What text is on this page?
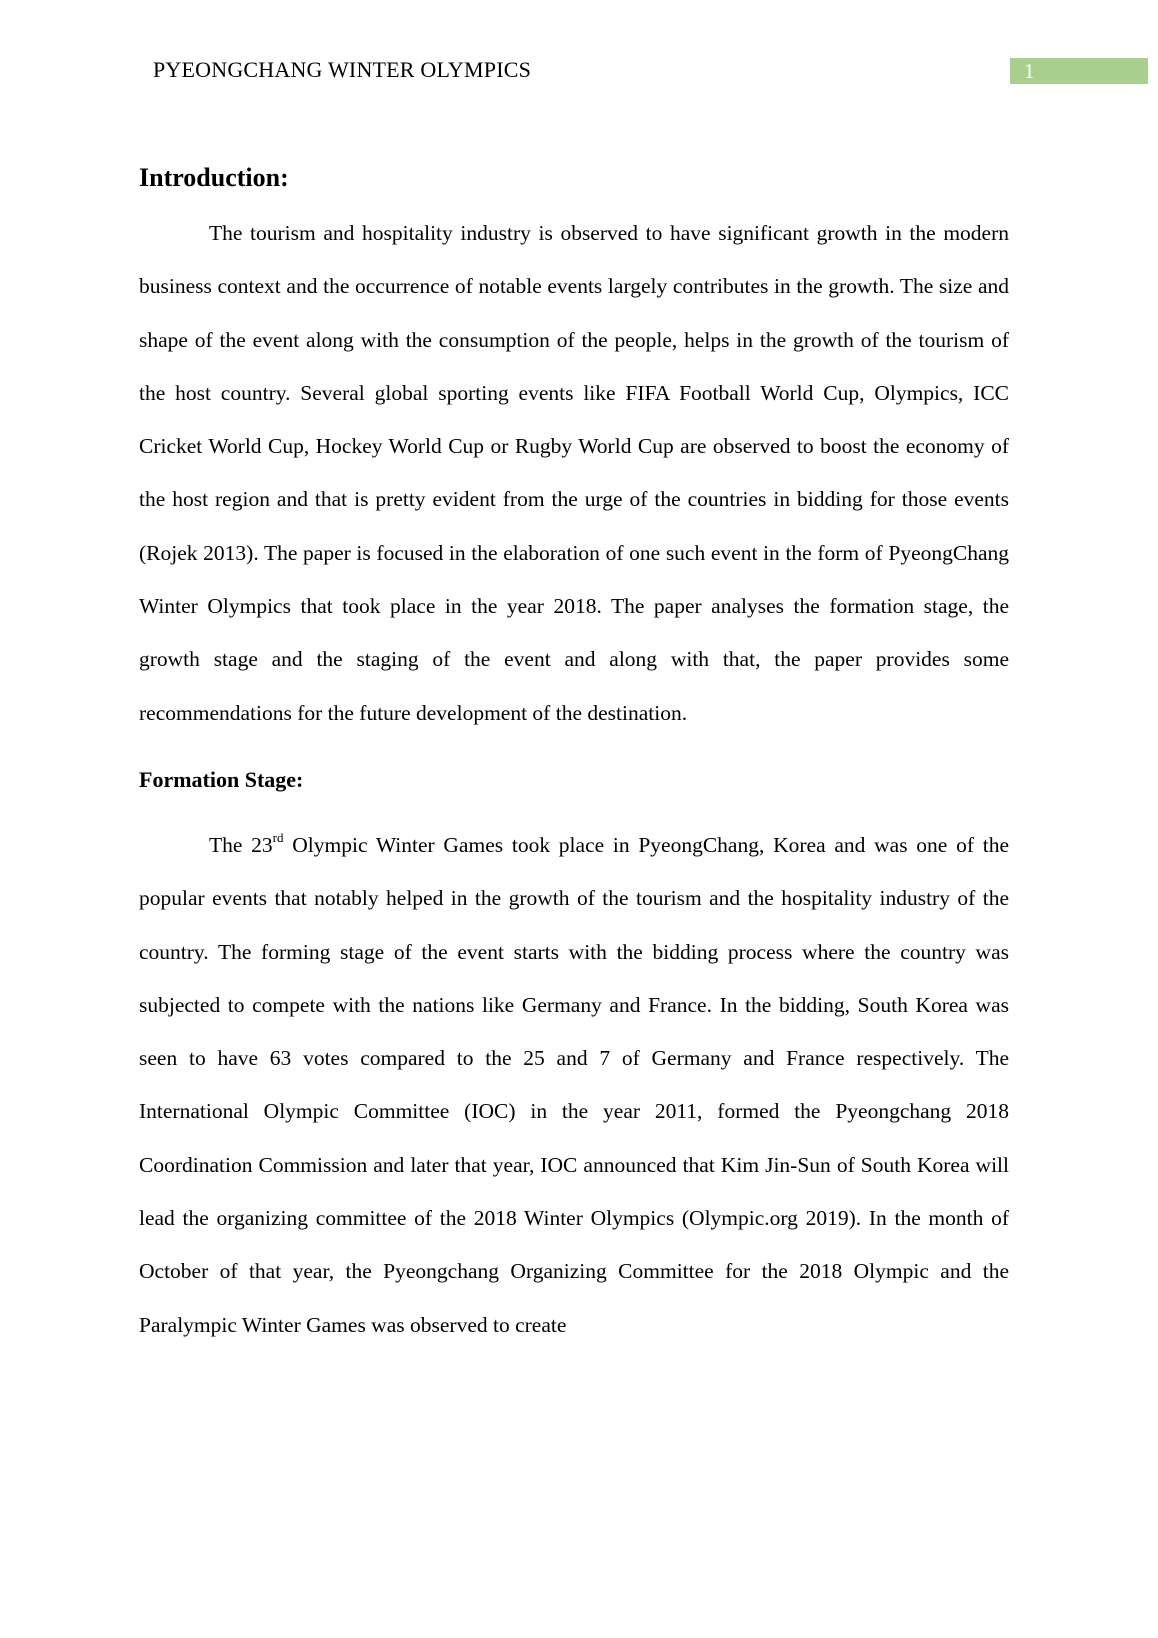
PYEONGCHANG WINTER OLYMPICS	1
Introduction:

The tourism and hospitality industry is observed to have significant growth in the modern business context and the occurrence of notable events largely contributes in the growth. The size and shape of the event along with the consumption of the people, helps in the growth of the tourism of the host country. Several global sporting events like FIFA Football World Cup, Olympics, ICC Cricket World Cup, Hockey World Cup or Rugby World Cup are observed to boost the economy of the host region and that is pretty evident from the urge of the countries in bidding for those events (Rojek 2013). The paper is focused in the elaboration of one such event in the form of PyeongChang Winter Olympics that took place in the year 2018. The paper analyses the formation stage, the growth stage and the staging of the event and along with that, the paper provides some recommendations for the future development of the destination.

Formation Stage:

The 23rd Olympic Winter Games took place in PyeongChang, Korea and was one of the popular events that notably helped in the growth of the tourism and the hospitality industry of the country. The forming stage of the event starts with the bidding process where the country was subjected to compete with the nations like Germany and France. In the bidding, South Korea was seen to have 63 votes compared to the 25 and 7 of Germany and France respectively. The International Olympic Committee (IOC) in the year 2011, formed the Pyeongchang 2018 Coordination Commission and later that year, IOC announced that Kim Jin-Sun of South Korea will lead the organizing committee of the 2018 Winter Olympics (Olympic.org 2019). In the month of October of that year, the Pyeongchang Organizing Committee for the 2018 Olympic and the Paralympic Winter Games was observed to create
